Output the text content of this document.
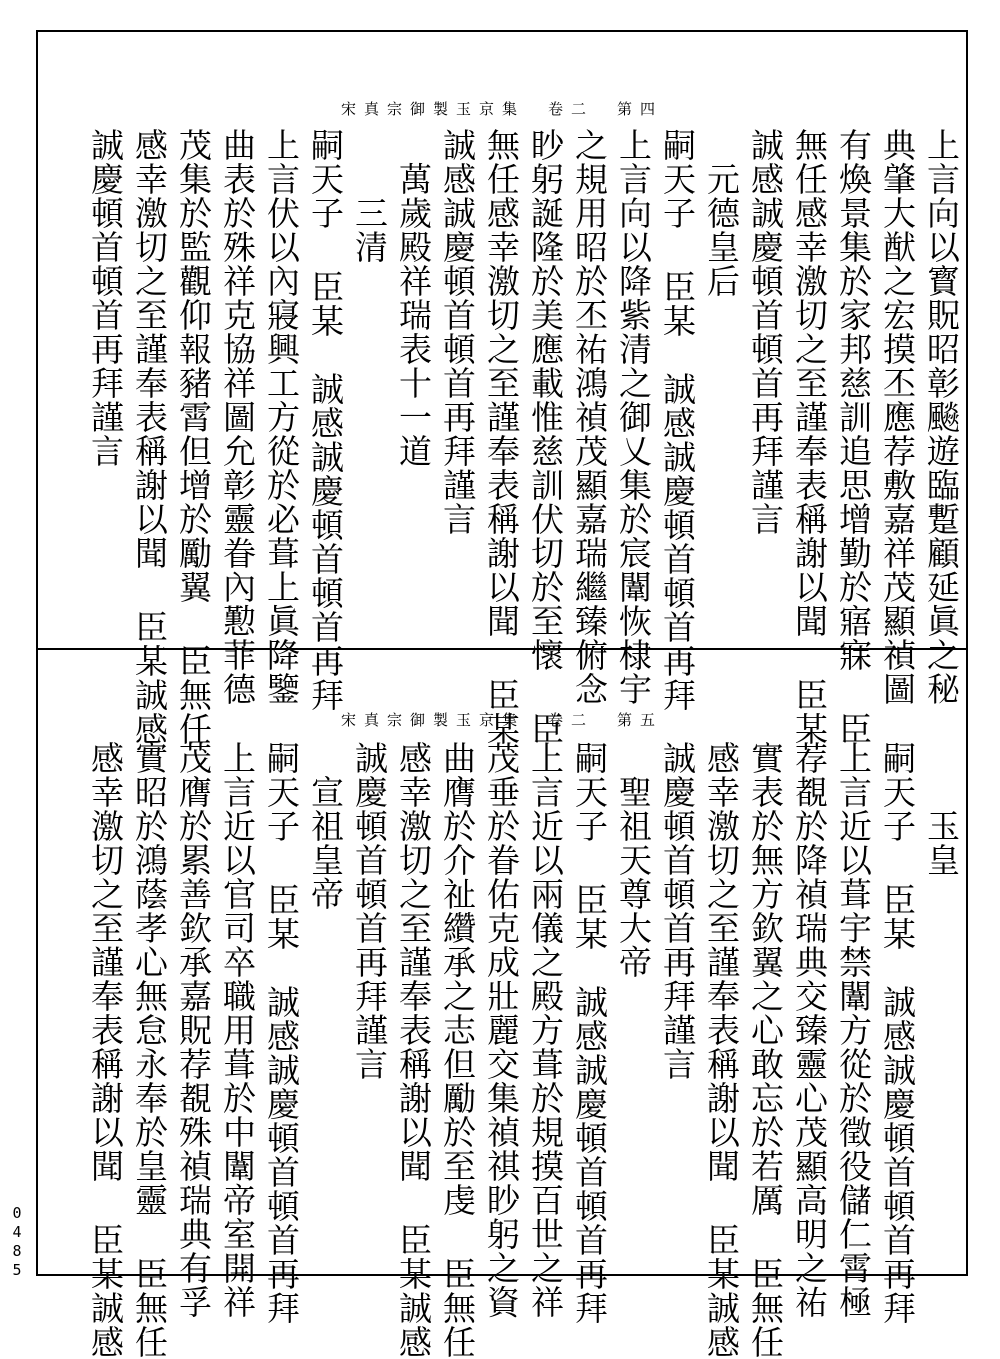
0485
宋真宗御製玉京集　卷二　第四
上言向以寳貺昭彰飈遊臨蹔顧延眞之秘
典肇大猷之宏摸丕應荐敷嘉祥茂顯禎圖
有煥景集於家邦慈訓追思增勤於寤寐 臣
無任感幸激切之至謹奉表稱謝以聞 臣某
誠感誠慶頓首頓首再拜謹言
　元德皇后
嗣天子 臣某　誠感誠慶頓首頓首再拜
上言向以降紫清之御乂集於宸闈恢棣宇
之規用昭於丕祐鴻禎茂顯嘉瑞繼臻俯念
眇躬誕隆於美應載惟慈訓伏切於至懷 臣
無任感幸激切之至謹奉表稱謝以聞 臣某
誠感誠慶頓首頓首再拜謹言
　萬歲殿祥瑞表十一道
　　三清
嗣天子 臣某　誠感誠慶頓首頓首再拜
上言伏以內寢興工方從於必葺上眞降鑒
曲表於殊祥克協祥圖允彰靈眷內懃菲德
茂集於監觀仰報豬霄但增於勵翼 臣無任
感幸激切之至謹奉表稱謝以聞 臣某誠感
誠慶頓首頓首再拜謹言
宋真宗御製玉京集　卷二　第五
　　玉皇
嗣天子 臣某　誠感誠慶頓首頓首再拜
上言近以葺宇禁闈方從於徵役儲仁霄極
荐覩於降禎瑞典交臻靈心茂顯高明之祐
實表於無方欽翼之心敢忘於若厲 臣無任
感幸激切之至謹奉表稱謝以聞 臣某誠感
誠慶頓首頓首再拜謹言
　聖祖天尊大帝
嗣天子 臣某　誠感誠慶頓首頓首再拜
上言近以兩儀之殿方葺於規摸百世之祥
茂垂於眷佑克成壯麗交集禎祺眇躬之資
曲膺於介祉纘承之志但勵於至虔 臣無任
感幸激切之至謹奉表稱謝以聞 臣某誠感
誠慶頓首頓首再拜謹言
　宣祖皇帝
嗣天子 臣某　誠感誠慶頓首頓首再拜
上言近以官司卒職用葺於中闈帝室開祥
茂膺於累善欽承嘉貺荐覩殊禎瑞典有孚
實昭於鴻蔭孝心無怠永奉於皇靈 臣無任
感幸激切之至謹奉表稱謝以聞 臣某誠感
